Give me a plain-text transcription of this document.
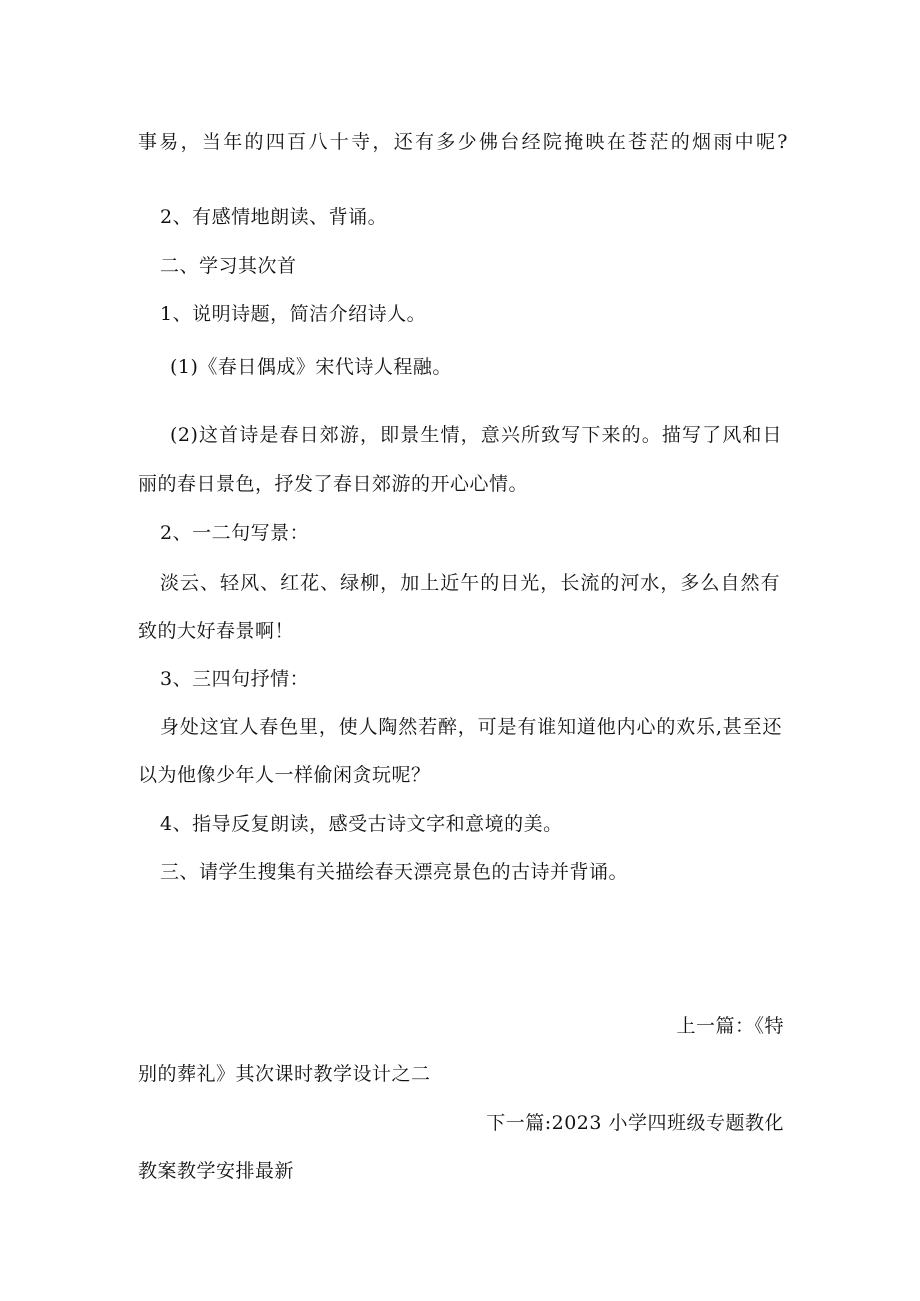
事易，当年的四百八十寺，还有多少佛台经院掩映在苍茫的烟雨中呢?
2、有感情地朗读、背诵。
二、学习其次首
1、说明诗题，简洁介绍诗人。
(1)《春日偶成》宋代诗人程融。
(2)这首诗是春日郊游，即景生情，意兴所致写下来的。描写了风和日
丽的春日景色，抒发了春日郊游的开心心情。
2、一二句写景：
淡云、轻风、红花、绿柳，加上近午的日光，长流的河水，多么自然有
致的大好春景啊！
3、三四句抒情：
身处这宜人春色里，使人陶然若醉，可是有谁知道他内心的欢乐,甚至还
以为他像少年人一样偷闲贪玩呢？
4、指导反复朗读，感受古诗文字和意境的美。
三、请学生搜集有关描绘春天漂亮景色的古诗并背诵。
上一篇：《特
别的葬礼》其次课时教学设计之二
下一篇:2023 小学四班级专题教化
教案教学安排最新
